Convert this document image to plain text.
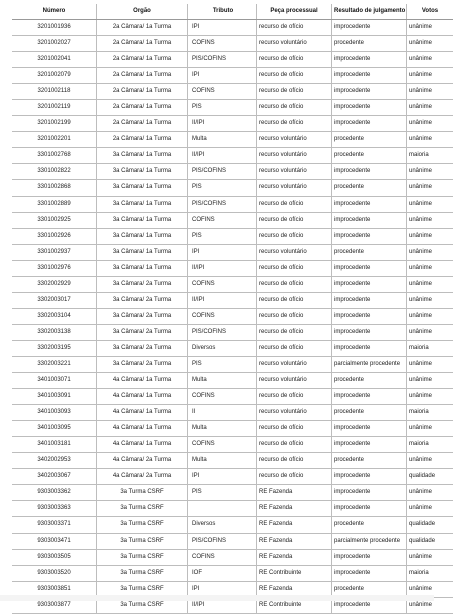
Número	Orgão	Tributo	Peça processual	Resultado de julgamento	Votos
3201001936	2a Câmara/ 1a Turma	IPI	recurso de ofício	improcedente	unânime
3201002027	2a Câmara/ 1a Turma	COFINS	recurso voluntário	procedente	unânime
3201002041	2a Câmara/ 1a Turma	PIS/COFINS	recurso de ofício	improcedente	unânime
3201002079	2a Câmara/ 1a Turma	IPI	recurso de ofício	improcedente	unânime
3201002118	2a Câmara/ 1a Turma	COFINS	recurso de ofício	improcedente	unânime
3201002119	2a Câmara/ 1a Turma	PIS	recurso de ofício	improcedente	unânime
3201002199	2a Câmara/ 1a Turma	II/IPI	recurso de ofício	improcedente	unânime
3201002201	2a Câmara/ 1a Turma	Multa	recurso voluntário	procedente	unânime
3301002768	3a Câmara/ 1a Turma	II/IPI	recurso voluntário	procedente	maioria
3301002822	3a Câmara/ 1a Turma	PIS/COFINS	recurso voluntário	improcedente	unânime
3301002868	3a Câmara/ 1a Turma	PIS	recurso voluntário	procedente	unânime
3301002889	3a Câmara/ 1a Turma	PIS/COFINS	recurso de ofício	improcedente	unânime
3301002925	3a Câmara/ 1a Turma	COFINS	recurso de ofício	improcedente	unânime
3301002926	3a Câmara/ 1a Turma	PIS	recurso de ofício	improcedente	unânime
3301002937	3a Câmara/ 1a Turma	IPI	recurso voluntário	procedente	unânime
3301002976	3a Câmara/ 1a Turma	II/IPI	recurso de ofício	improcedente	unânime
3302002929	3a Câmara/ 2a Turma	COFINS	recurso de ofício	improcedente	unânime
3302003017	3a Câmara/ 2a Turma	II/IPI	recurso de ofício	improcedente	unânime
3302003104	3a Câmara/ 2a Turma	COFINS	recurso de ofício	improcedente	unânime
3302003138	3a Câmara/ 2a Turma	PIS/COFINS	recurso de ofício	improcedente	unânime
3302003195	3a Câmara/ 2a Turma	Diversos	recurso de ofício	improcedente	maioria
3302003221	3a Câmara/ 2a Turma	PIS	recurso voluntário	parcialmente procedente	unânime
3401003071	4a Câmara/ 1a Turma	Multa	recurso voluntário	procedente	unânime
3401003091	4a Câmara/ 1a Turma	COFINS	recurso de ofício	improcedente	unânime
3401003093	4a Câmara/ 1a Turma	II	recurso voluntário	procedente	maioria
3401003095	4a Câmara/ 1a Turma	Multa	recurso de ofício	improcedente	unânime
3401003181	4a Câmara/ 1a Turma	COFINS	recurso de ofício	improcedente	maioria
3402002953	4a Câmara/ 2a Turma	Multa	recurso de ofício	procedente	unânime
3402003067	4a Câmara/ 2a Turma	IPI	recurso de ofício	improcedente	qualidade
9303003362	3a Turma CSRF	PIS	RE Fazenda	improcedente	unânime
9303003363	3a Turma CSRF		RE Fazenda	improcedente	unânime
9303003371	3a Turma CSRF	Diversos	RE Fazenda	procedente	qualidade
9303003471	3a Turma CSRF	PIS/COFINS	RE Fazenda	parcialmente procedente	qualidade
9303003505	3a Turma CSRF	COFINS	RE Fazenda	improcedente	unânime
9303003520	3a Turma CSRF	IOF	RE Contribuinte	improcedente	maioria
9303003851	3a Turma CSRF	IPI	RE Fazenda	procedente	unânime
9303003877	3a Turma CSRF	II/IPI	RE Contribuinte	improcedente	unânime
